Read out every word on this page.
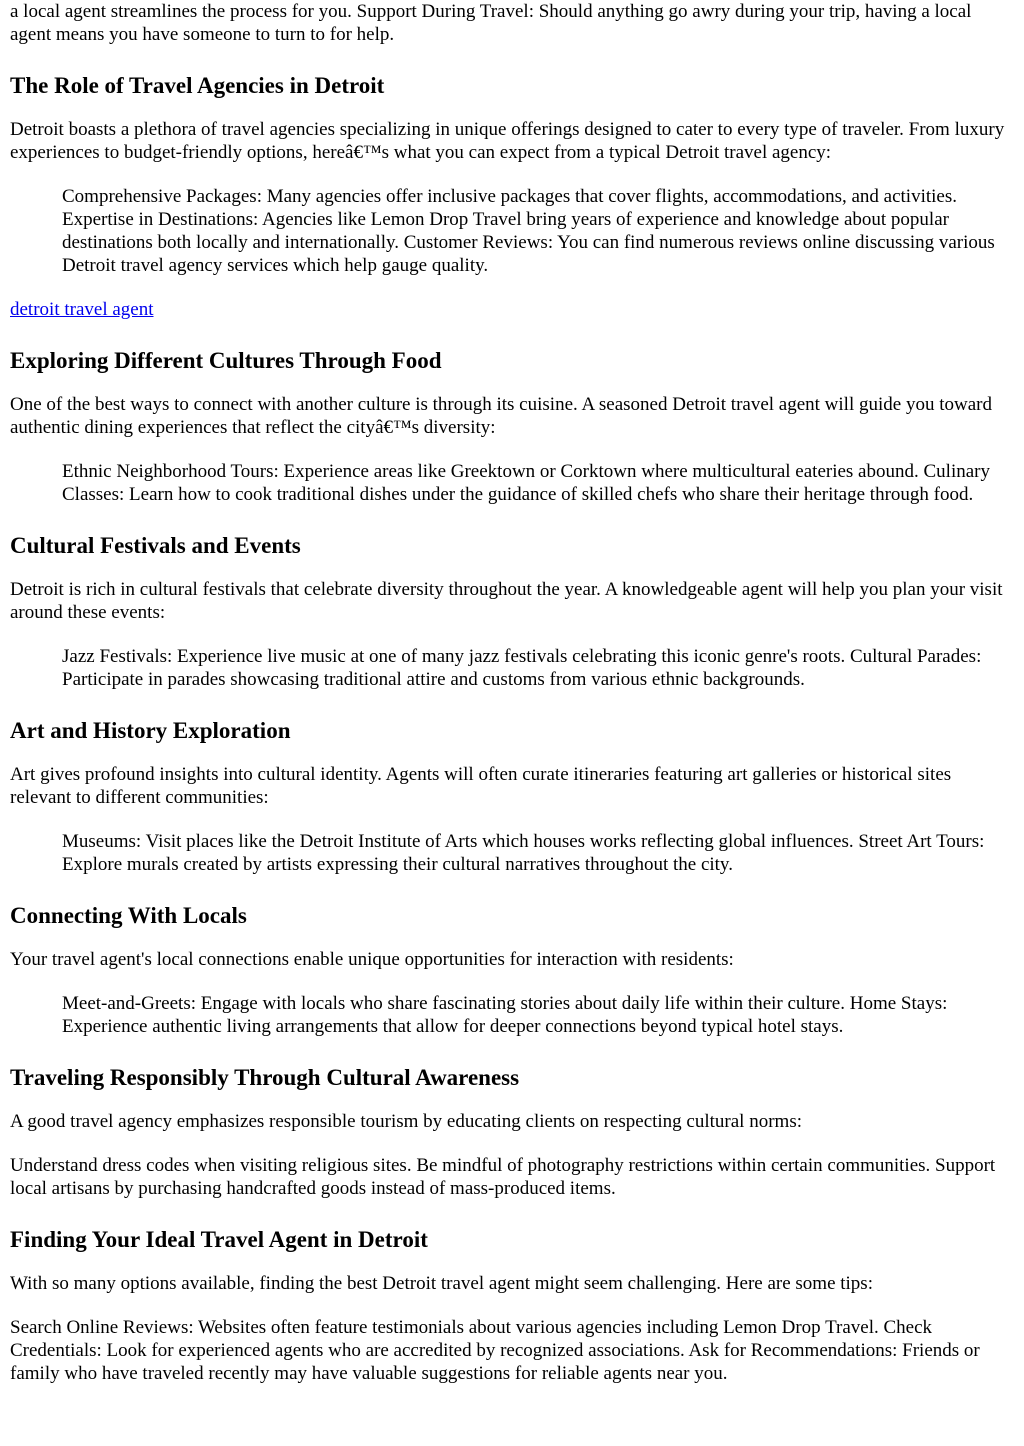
a local agent streamlines the process for you. Support During Travel: Should anything go awry during your trip, having a local agent means you have someone to turn to for help.

The Role of Travel Agencies in Detroit

Detroit boasts a plethora of travel agencies specializing in unique offerings designed to cater to every type of traveler. From luxury experiences to budget-friendly options, hereâ€™s what you can expect from a typical Detroit travel agency:

Comprehensive Packages: Many agencies offer inclusive packages that cover flights, accommodations, and activities. Expertise in Destinations: Agencies like Lemon Drop Travel bring years of experience and knowledge about popular destinations both locally and internationally. Customer Reviews: You can find numerous reviews online discussing various Detroit travel agency services which help gauge quality.

detroit travel agent

Exploring Different Cultures Through Food

One of the best ways to connect with another culture is through its cuisine. A seasoned Detroit travel agent will guide you toward authentic dining experiences that reflect the cityâ€™s diversity:

Ethnic Neighborhood Tours: Experience areas like Greektown or Corktown where multicultural eateries abound. Culinary Classes: Learn how to cook traditional dishes under the guidance of skilled chefs who share their heritage through food.

Cultural Festivals and Events

Detroit is rich in cultural festivals that celebrate diversity throughout the year. A knowledgeable agent will help you plan your visit around these events:

Jazz Festivals: Experience live music at one of many jazz festivals celebrating this iconic genre's roots. Cultural Parades: Participate in parades showcasing traditional attire and customs from various ethnic backgrounds.

Art and History Exploration

Art gives profound insights into cultural identity. Agents will often curate itineraries featuring art galleries or historical sites relevant to different communities:

Museums: Visit places like the Detroit Institute of Arts which houses works reflecting global influences. Street Art Tours: Explore murals created by artists expressing their cultural narratives throughout the city.

Connecting With Locals

Your travel agent's local connections enable unique opportunities for interaction with residents:

Meet-and-Greets: Engage with locals who share fascinating stories about daily life within their culture. Home Stays: Experience authentic living arrangements that allow for deeper connections beyond typical hotel stays.

Traveling Responsibly Through Cultural Awareness

A good travel agency emphasizes responsible tourism by educating clients on respecting cultural norms:

Understand dress codes when visiting religious sites. Be mindful of photography restrictions within certain communities. Support local artisans by purchasing handcrafted goods instead of mass-produced items.

Finding Your Ideal Travel Agent in Detroit

With so many options available, finding the best Detroit travel agent might seem challenging. Here are some tips:

Search Online Reviews: Websites often feature testimonials about various agencies including Lemon Drop Travel. Check Credentials: Look for experienced agents who are accredited by recognized associations. Ask for Recommendations: Friends or family who have traveled recently may have valuable suggestions for reliable agents near you.
